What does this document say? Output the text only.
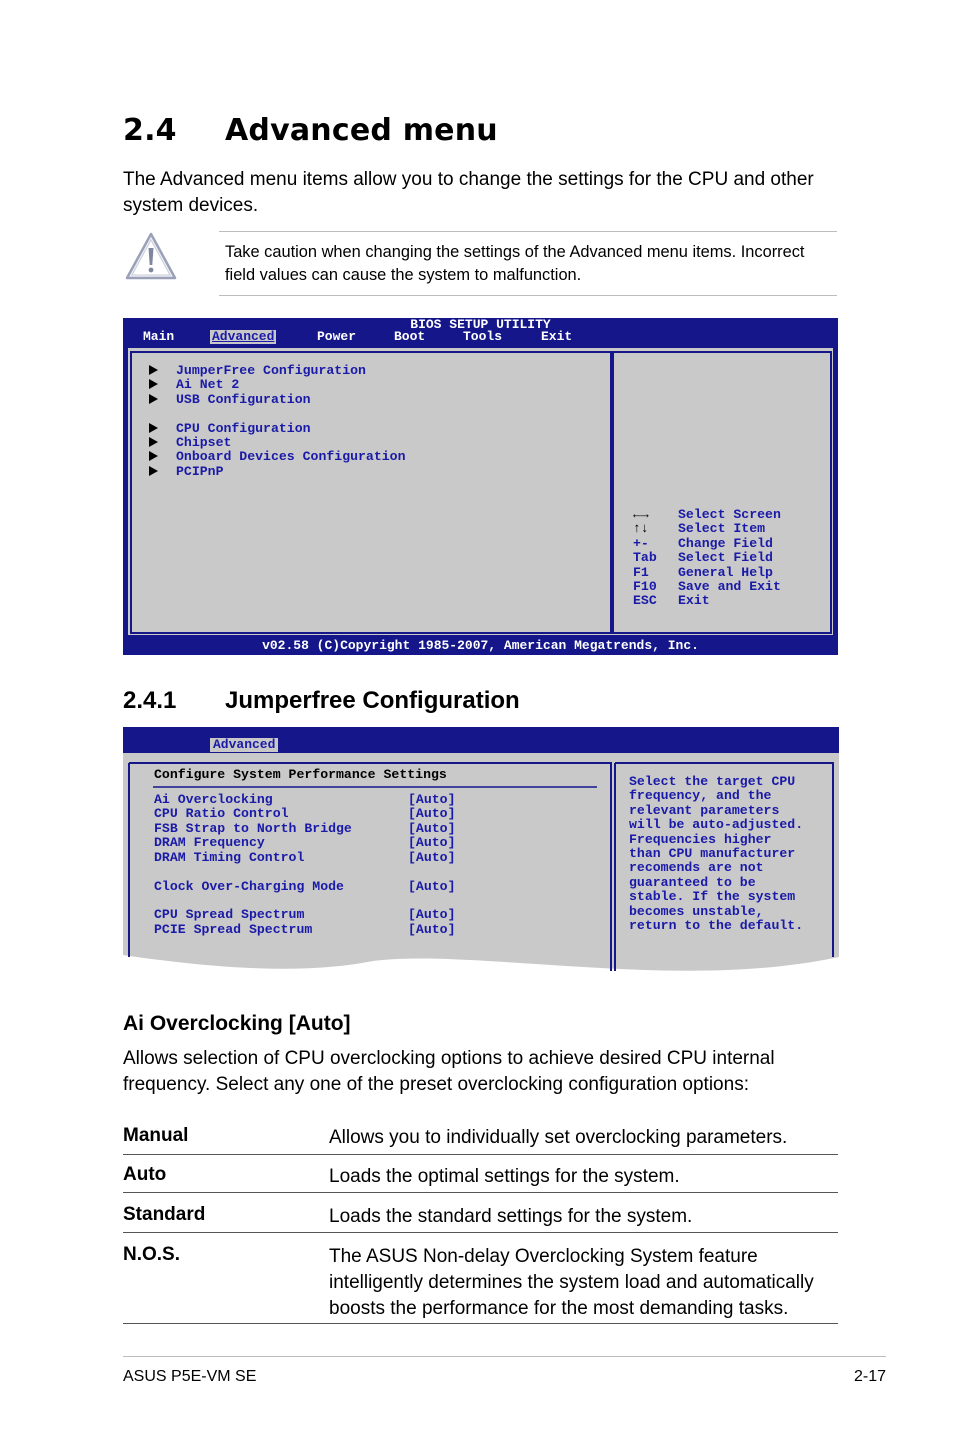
2.4 Advanced menu
The Advanced menu items allow you to change the settings for the CPU and other system devices.
Take caution when changing the settings of the Advanced menu items. Incorrect field values can cause the system to malfunction.
BIOS SETUP UTILITY
Main	Advanced	Power	Boot	Tools	Exit
JumperFree Configuration
Ai Net 2
USB Configuration
CPU Configuration
Chipset
Onboard Devices Configuration
PCIPnP
←→ Select Screen
↑↓ Select Item
+- Change Field
Tab Select Field
F1 General Help
F10 Save and Exit
ESC Exit
v02.58 (C)Copyright 1985-2007, American Megatrends, Inc.
2.4.1 Jumperfree Configuration
Advanced
Configure System Performance Settings
Ai Overclocking	[Auto]
CPU Ratio Control	[Auto]
FSB Strap to North Bridge	[Auto]
DRAM Frequency	[Auto]
DRAM Timing Control	[Auto]
Clock Over-Charging Mode	[Auto]
CPU Spread Spectrum	[Auto]
PCIE Spread Spectrum	[Auto]
Select the target CPU
frequency, and the
relevant parameters
will be auto-adjusted.
Frequencies higher
than CPU manufacturer
recomends are not
guaranteed to be
stable. If the system
becomes unstable,
return to the default.
Ai Overclocking [Auto]
Allows selection of CPU overclocking options to achieve desired CPU internal frequency. Select any one of the preset overclocking configuration options:
Manual	Allows you to individually set overclocking parameters.
Auto	Loads the optimal settings for the system.
Standard	Loads the standard settings for the system.
N.O.S.	The ASUS Non-delay Overclocking System feature intelligently determines the system load and automatically boosts the performance for the most demanding tasks.
ASUS P5E-VM SE	2-17
